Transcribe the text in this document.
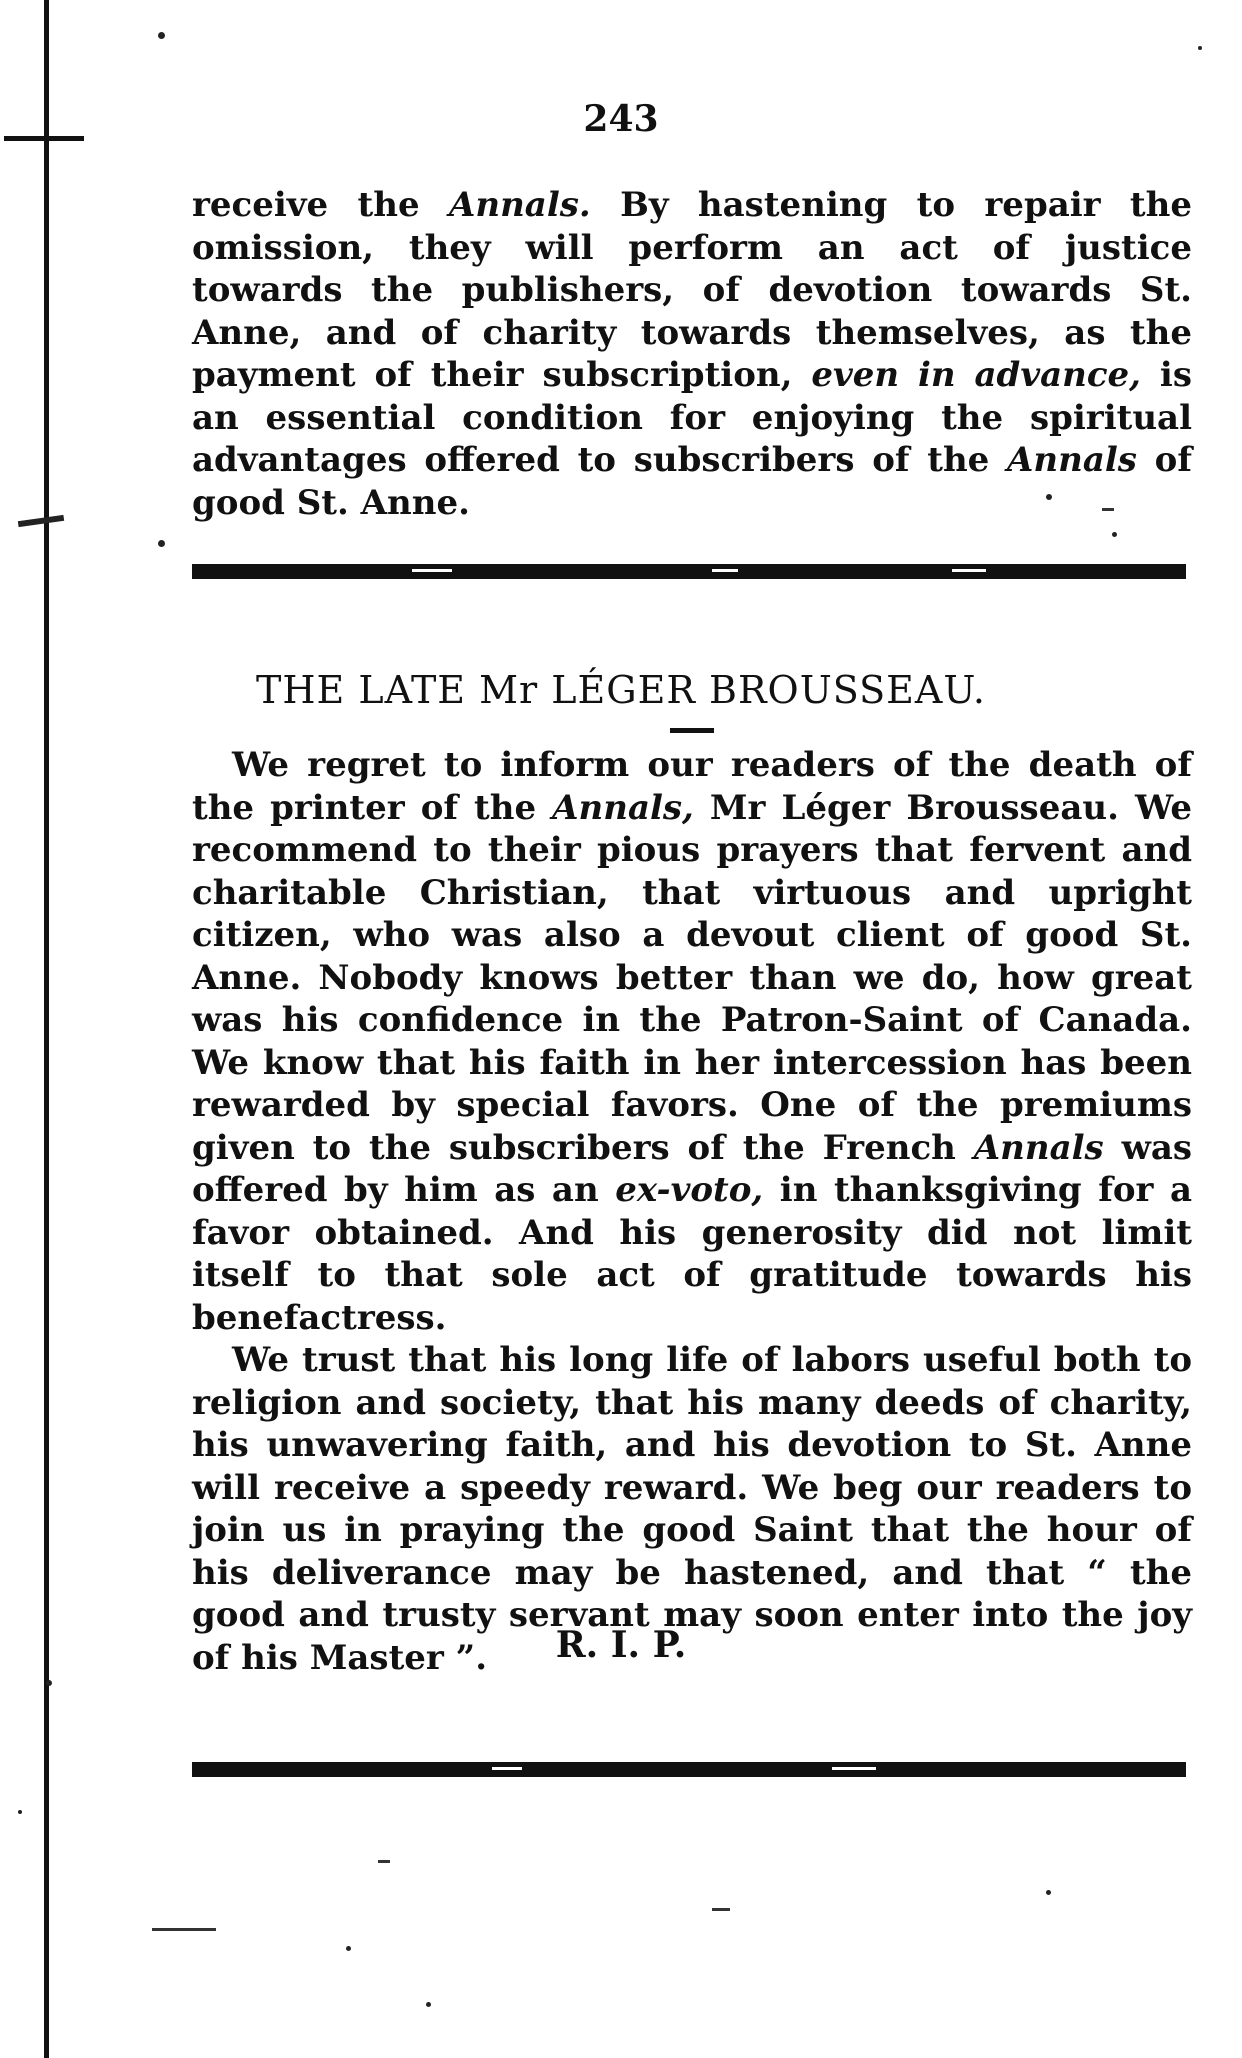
243

receive the Annals. By hastening to repair the omission, they will perform an act of justice towards the publishers, of devotion towards St. Anne, and of charity towards themselves, as the payment of their subscription, even in advance, is an essential condition for enjoying the spiritual advantages offered to subscribers of the Annals of good St. Anne.

THE LATE Mr LÉGER BROUSSEAU.

We regret to inform our readers of the death of the printer of the Annals, Mr Léger Brousseau. We recommend to their pious prayers that fervent and charitable Christian, that virtuous and upright citizen, who was also a devout client of good St. Anne. Nobody knows better than we do, how great was his confidence in the Patron-Saint of Canada. We know that his faith in her intercession has been rewarded by special favors. One of the premiums given to the subscribers of the French Annals was offered by him as an ex-voto, in thanksgiving for a favor obtained. And his generosity did not limit itself to that sole act of gratitude towards his benefactress.

We trust that his long life of labors useful both to religion and society, that his many deeds of charity, his unwavering faith, and his devotion to St. Anne will receive a speedy reward. We beg our readers to join us in praying the good Saint that the hour of his deliverance may be hastened, and that “ the good and trusty servant may soon enter into the joy of his Master ”.	R. I. P.
